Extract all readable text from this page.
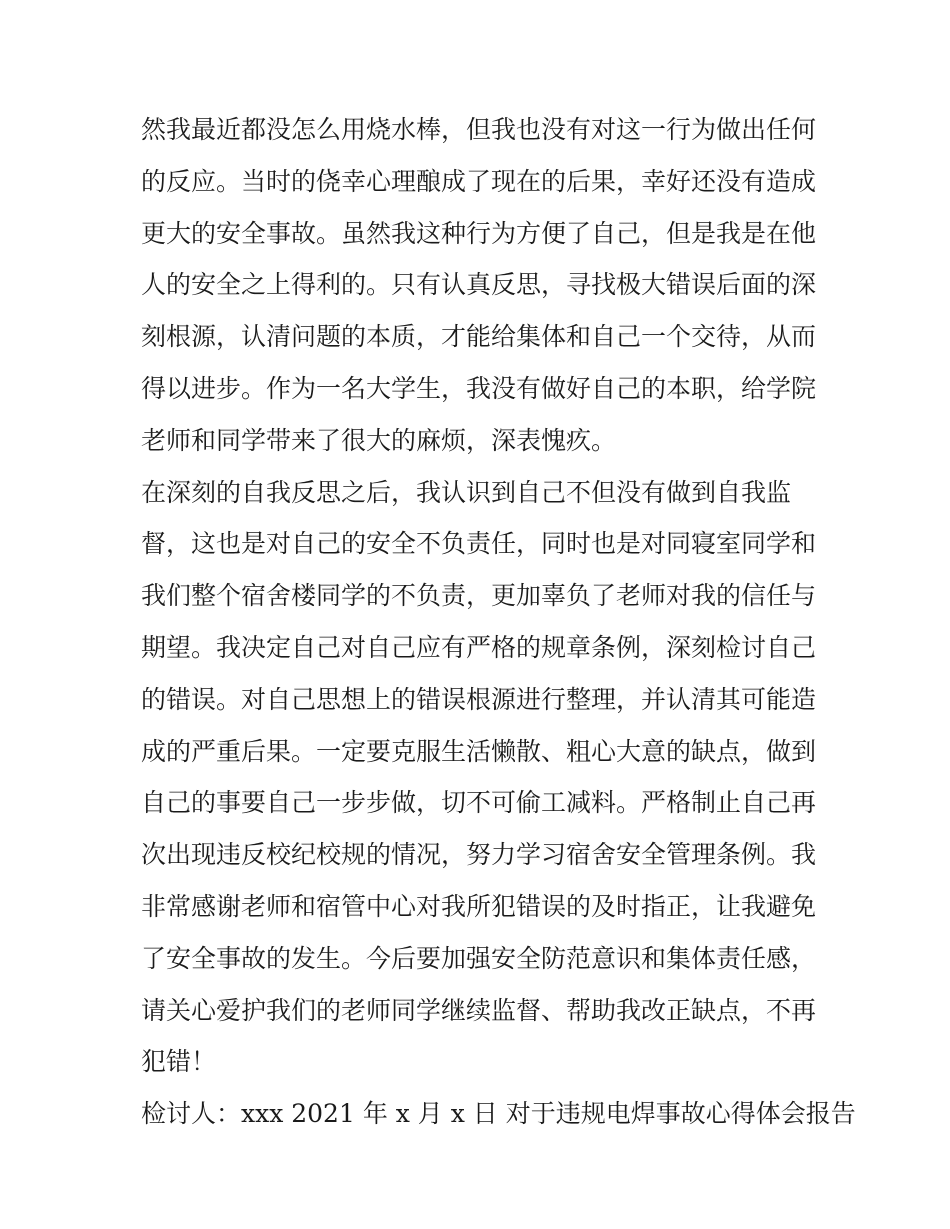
然我最近都没怎么用烧水棒，但我也没有对这一行为做出任何
的反应。当时的侥幸心理酿成了现在的后果，幸好还没有造成
更大的安全事故。虽然我这种行为方便了自己，但是我是在他
人的安全之上得利的。只有认真反思，寻找极大错误后面的深
刻根源，认清问题的本质，才能给集体和自己一个交待，从而
得以进步。作为一名大学生，我没有做好自己的本职，给学院
老师和同学带来了很大的麻烦，深表愧疚。
在深刻的自我反思之后，我认识到自己不但没有做到自我监
督，这也是对自己的安全不负责任，同时也是对同寝室同学和
我们整个宿舍楼同学的不负责，更加辜负了老师对我的信任与
期望。我决定自己对自己应有严格的规章条例，深刻检讨自己
的错误。对自己思想上的错误根源进行整理，并认清其可能造
成的严重后果。一定要克服生活懒散、粗心大意的缺点，做到
自己的事要自己一步步做，切不可偷工减料。严格制止自己再
次出现违反校纪校规的情况，努力学习宿舍安全管理条例。我
非常感谢老师和宿管中心对我所犯错误的及时指正，让我避免
了安全事故的发生。今后要加强安全防范意识和集体责任感，
请关心爱护我们的老师同学继续监督、帮助我改正缺点，不再
犯错！
检讨人：xxx 2021 年 x 月 x 日 对于违规电焊事故心得体会报告
